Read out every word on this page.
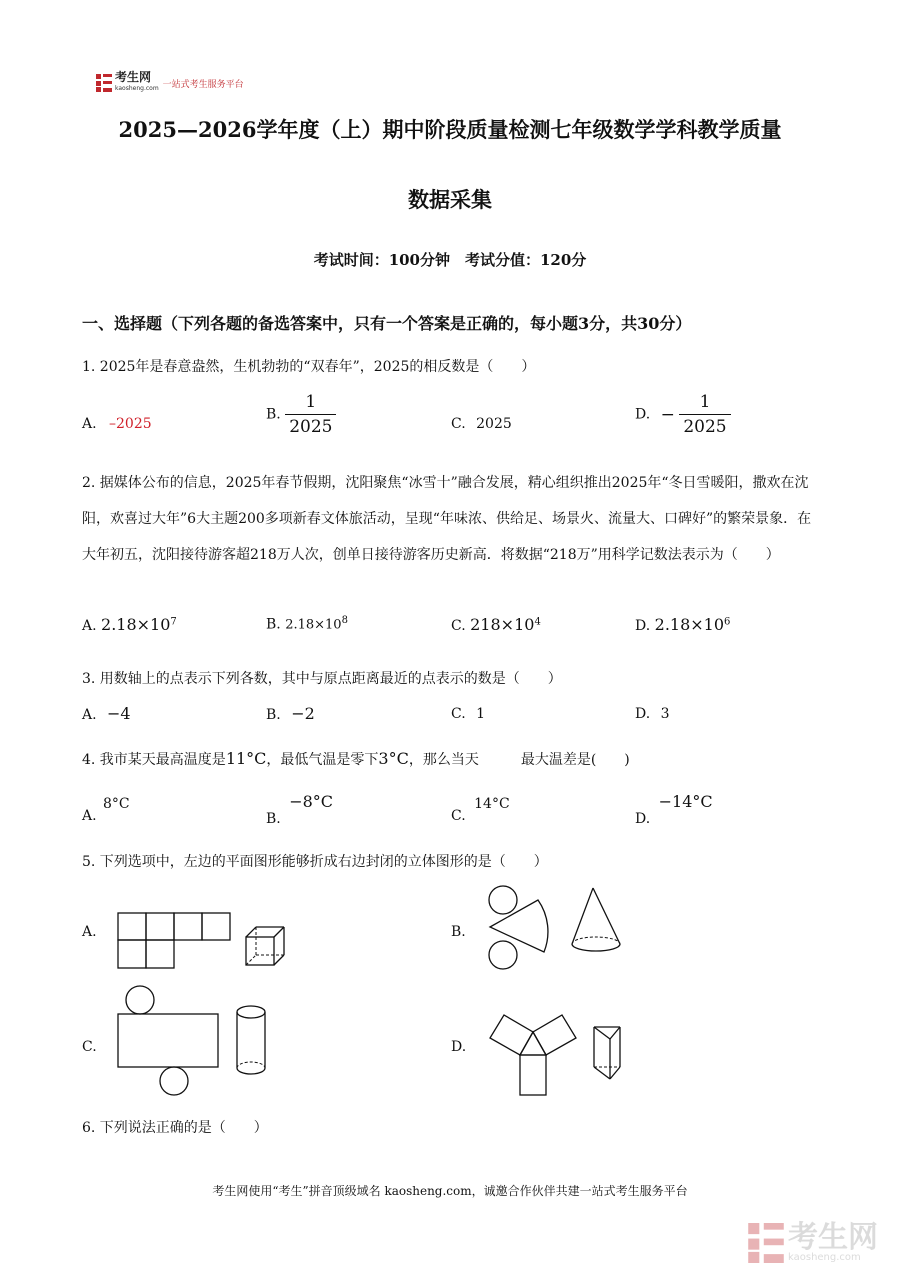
考生网
kaosheng.com 一站式考生服务平台
2025—2026学年度（上）期中阶段质量检测七年级数学学科教学质量
数据采集
考试时间：100分钟　考试分值：120分
一、选择题（下列各题的备选答案中，只有一个答案是正确的，每小题3分，共30分）
1. 2025年是春意盎然，生机勃勃的“双春年”，2025的相反数是（　　）
A. –2025
B. $\frac{1}{2025}$	C. 2025
D. − $\frac{1}{2025}$
2. 据媒体公布的信息，2025年春节假期，沈阳聚焦“冰雪十”融合发展，精心组织推出2025年“冬日雪暖阳，撒欢在沈阳，欢喜过大年”6大主题200多项新春文体旅活动，呈现“年味浓、供给足、场景火、流量大、口碑好”的繁荣景象．在大年初五，沈阳接待游客超218万人次，创单日接待游客历史新高．将数据“218万”用科学记数法表示为（　　）
A. $2.18\times 10^7$	B. $2.18\times 10^8$	C. $218\times 10^4$	D. $2.18\times 10^6$
3. 用数轴上的点表示下列各数，其中与原点距离最近的点表示的数是（　　）
A. −4	B. −2	C. 1	D. 3
4. 我市某天最高温度是11°C，最低气温是零下3°C，那么当天　　　最大温差是(　　)
A. 8°C
B. −8°C
C. 14°C
D. −14°C
5. 下列选项中，左边的平面图形能够折成右边封闭的立体图形的是（　　）
A.	B.
C.	D.
6. 下列说法正确的是（　　）
考生网使用“考生”拼音顶级域名 kaosheng.com，诚邀合作伙伴共建一站式考生服务平台
考生网
kaosheng.com
